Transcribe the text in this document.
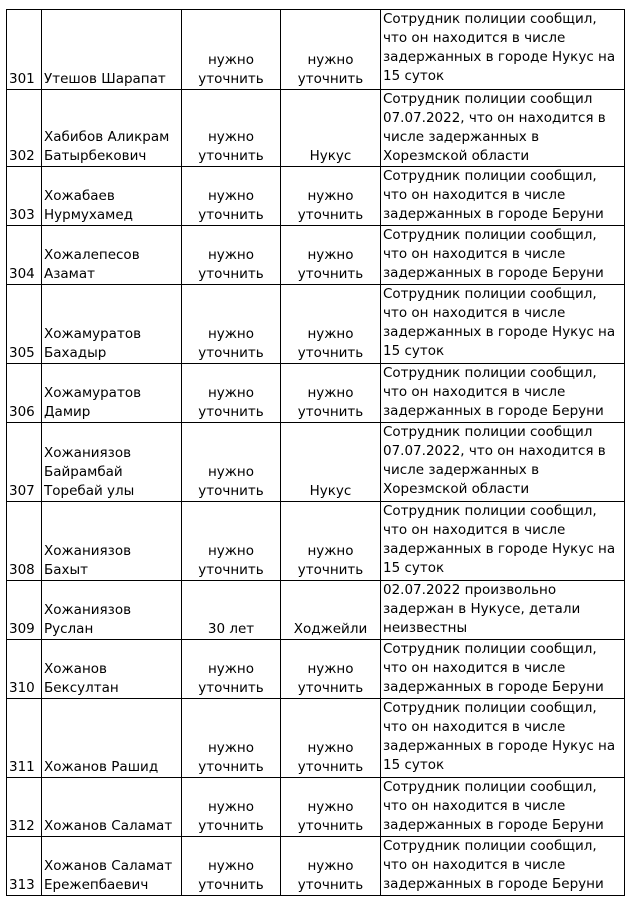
301	Утешов Шарапат	нужно уточнить	нужно уточнить	Сотрудник полиции сообщил, что он находится в числе задержанных в городе Нукус на 15 суток
302	Хабибов Аликрам Батырбекович	нужно уточнить	Нукус	Сотрудник полиции сообщил 07.07.2022, что он находится в числе задержанных в Хорезмской области
303	Хожабаев Нурмухамед	нужно уточнить	нужно уточнить	Сотрудник полиции сообщил, что он находится в числе задержанных в городе Беруни
304	Хожалепесов Азамат	нужно уточнить	нужно уточнить	Сотрудник полиции сообщил, что он находится в числе задержанных в городе Беруни
305	Хожамуратов Бахадыр	нужно уточнить	нужно уточнить	Сотрудник полиции сообщил, что он находится в числе задержанных в городе Нукус на 15 суток
306	Хожамуратов Дамир	нужно уточнить	нужно уточнить	Сотрудник полиции сообщил, что он находится в числе задержанных в городе Беруни
307	Хожаниязов Байрамбай Торебай улы	нужно уточнить	Нукус	Сотрудник полиции сообщил 07.07.2022, что он находится в числе задержанных в Хорезмской области
308	Хожаниязов Бахыт	нужно уточнить	нужно уточнить	Сотрудник полиции сообщил, что он находится в числе задержанных в городе Нукус на 15 суток
309	Хожаниязов Руслан	30 лет	Ходжейли	02.07.2022 произвольно задержан в Нукусе, детали неизвестны
310	Хожанов Бексултан	нужно уточнить	нужно уточнить	Сотрудник полиции сообщил, что он находится в числе задержанных в городе Беруни
311	Хожанов Рашид	нужно уточнить	нужно уточнить	Сотрудник полиции сообщил, что он находится в числе задержанных в городе Нукус на 15 суток
312	Хожанов Саламат	нужно уточнить	нужно уточнить	Сотрудник полиции сообщил, что он находится в числе задержанных в городе Беруни
313	Хожанов Саламат Ережепбаевич	нужно уточнить	нужно уточнить	Сотрудник полиции сообщил, что он находится в числе задержанных в городе Беруни
